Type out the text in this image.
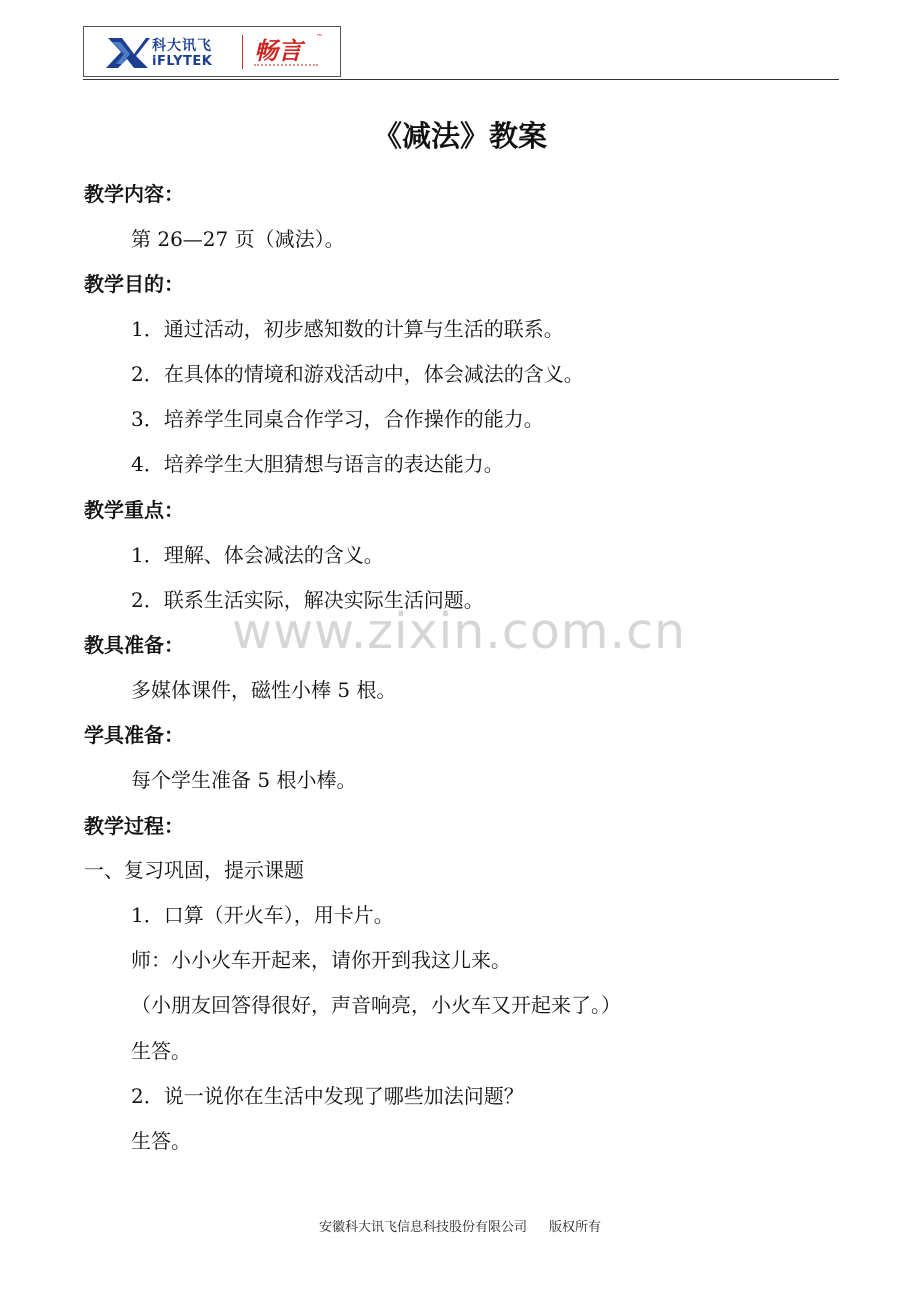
科大讯飞
iFLYTEK 畅言 ™
《减法》教案
教学内容：
第 26—27 页（减法）。
教学目的：
1．通过活动，初步感知数的计算与生活的联系。
2．在具体的情境和游戏活动中，体会减法的含义。
3．培养学生同桌合作学习，合作操作的能力。
4．培养学生大胆猜想与语言的表达能力。
教学重点：
1．理解、体会减法的含义。
2．联系生活实际，解决实际生活问题。
教具准备：
多媒体课件，磁性小棒 5 根。
学具准备：
每个学生准备 5 根小棒。
教学过程：
一、复习巩固，提示课题
1．口算（开火车），用卡片。
师：小小火车开起来，请你开到我这儿来。
（小朋友回答得很好，声音响亮，小火车又开起来了。）
生答。
2．说一说你在生活中发现了哪些加法问题？
生答。
www.zixin.com.cn
安徽科大讯飞信息科技股份有限公司 版权所有
